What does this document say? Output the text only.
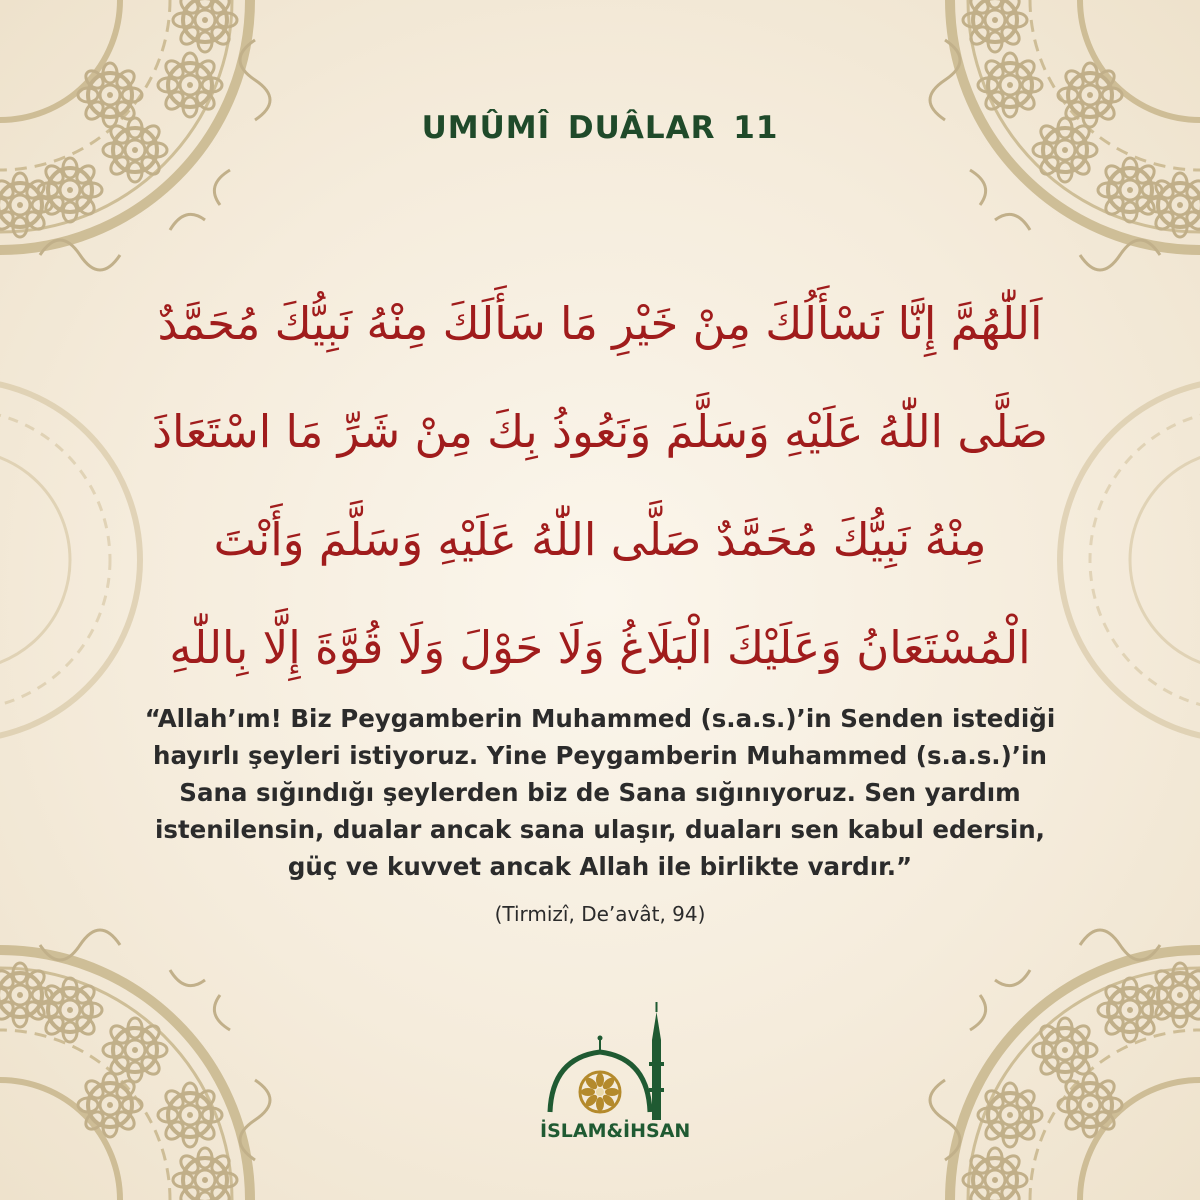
UMÛMÎ DUÂLAR 11
اَللّٰهُمَّ إِنَّا نَسْأَلُكَ مِنْ خَيْرِ مَا سَأَلَكَ مِنْهُ نَبِيُّكَ مُحَمَّدٌ
صَلَّى اللّٰهُ عَلَيْهِ وَسَلَّمَ وَنَعُوذُ بِكَ مِنْ شَرِّ مَا اسْتَعَاذَ
مِنْهُ نَبِيُّكَ مُحَمَّدٌ صَلَّى اللّٰهُ عَلَيْهِ وَسَلَّمَ وَأَنْتَ
الْمُسْتَعَانُ وَعَلَيْكَ الْبَلَاغُ وَلَا حَوْلَ وَلَا قُوَّةَ إِلَّا بِاللّٰهِ
“Allah’ım! Biz Peygamberin Muhammed (s.a.s.)’in Senden istediği
hayırlı şeyleri istiyoruz. Yine Peygamberin Muhammed (s.a.s.)’in
Sana sığındığı şeylerden biz de Sana sığınıyoruz. Sen yardım
istenilensin, dualar ancak sana ulaşır, duaları sen kabul edersin,
güç ve kuvvet ancak Allah ile birlikte vardır.”
(Tirmizî, De’avât, 94)
İSLAM&İHSAN
